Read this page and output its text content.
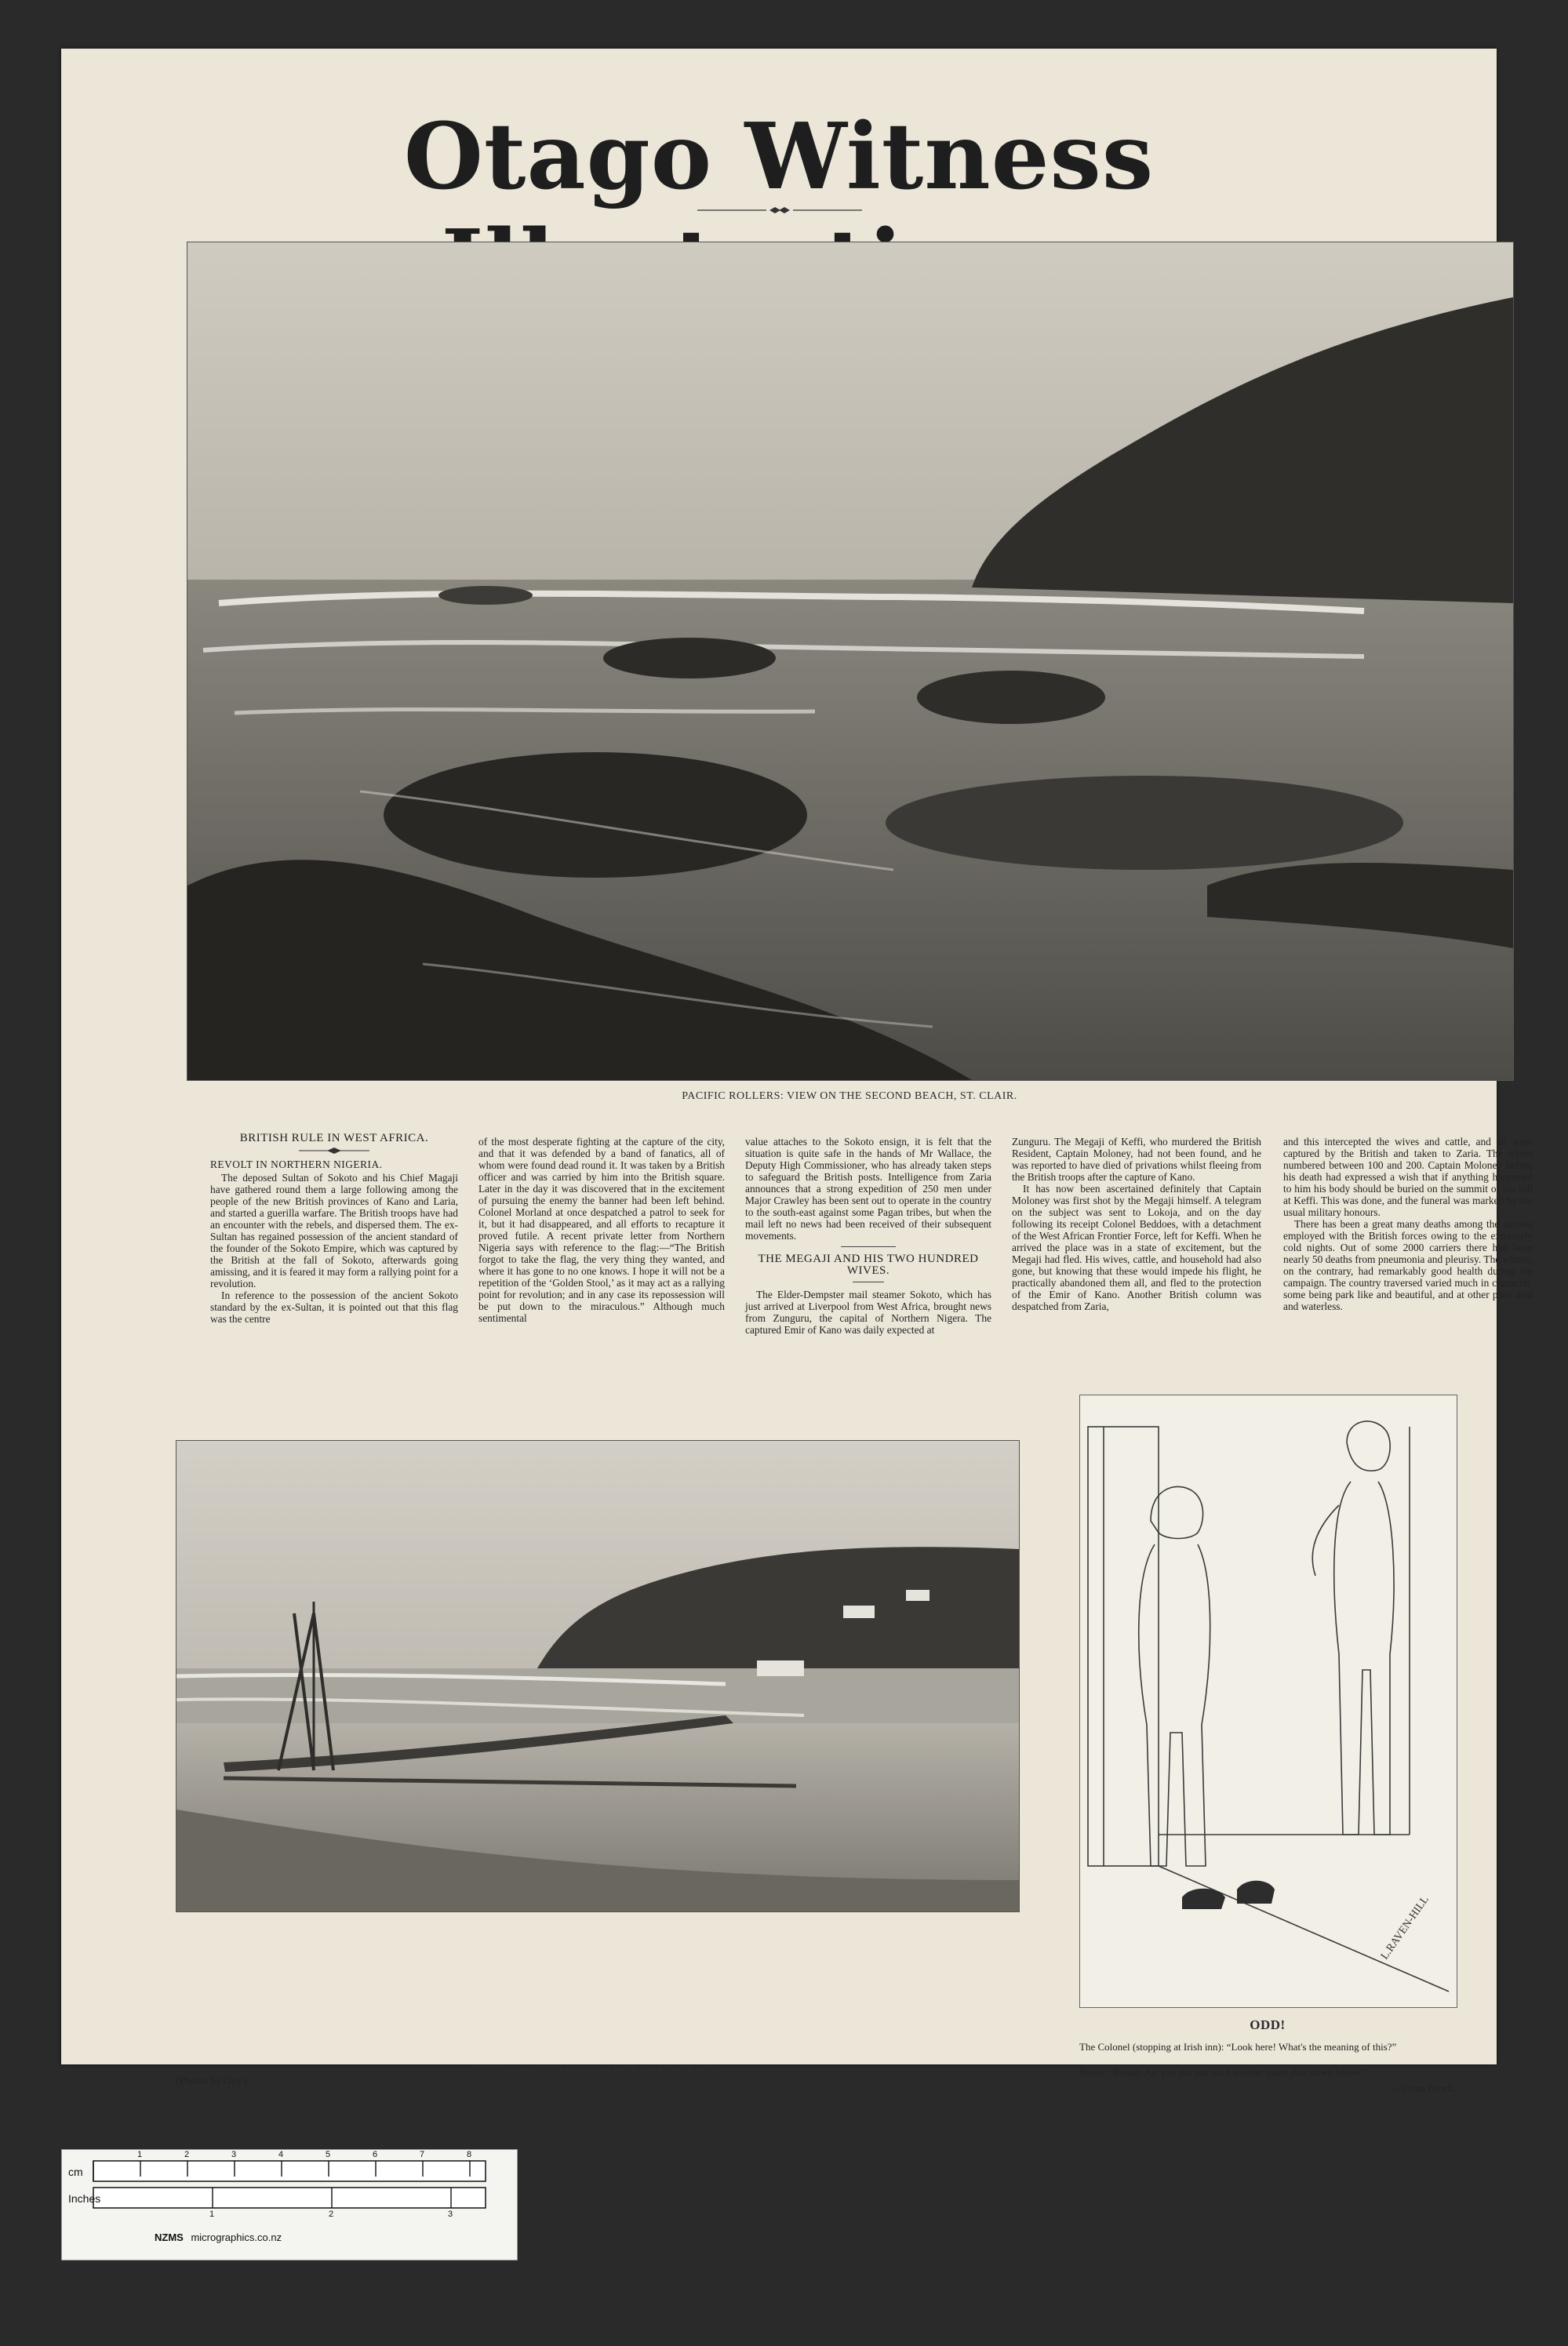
Otago Witness
PACIFIC ROLLERS: VIEW ON THE SECOND BEACH, ST. CLAIR.

BRITISH RULE IN WEST AFRICA.

REVOLT IN NORTHERN NIGERIA.

The deposed Sultan of Sokoto and his Chief Magaji have gathered round them a large following among the people of the new British provinces of Kano and Laria, and started a guerilla warfare. The British troops have had an encounter with the rebels, and dispersed them. The ex-Sultan has regained possession of the ancient standard of the founder of the Sokoto Empire, which was captured by the British at the fall of Sokoto, afterwards going amissing, and it is feared it may form a rallying point for a revolution.

In reference to the possession of the ancient Sokoto standard by the ex-Sultan, it is pointed out that this flag was the centre

of the most desperate fighting at the capture of the city, and that it was defended by a band of fanatics, all of whom were found dead round it. It was taken by a British officer and was carried by him into the British square. Later in the day it was discovered that in the excitement of pursuing the enemy the banner had been left behind. Colonel Morland at once despatched a patrol to seek for it, but it had disappeared, and all efforts to recapture it proved futile. A recent private letter from Northern Nigeria says with reference to the flag:—“The British forgot to take the flag, the very thing they wanted, and where it has gone to no one knows. I hope it will not be a repetition of the ‘Golden Stool,’ as it may act as a rallying point for revolution; and in any case its repossession will be put down to the miraculous.” Although much sentimental

value attaches to the Sokoto ensign, it is felt that the situation is quite safe in the hands of Mr Wallace, the Deputy High Commissioner, who has already taken steps to safeguard the British posts. Intelligence from Zaria announces that a strong expedition of 250 men under Major Crawley has been sent out to operate in the country to the south-east against some Pagan tribes, but when the mail left no news had been received of their subsequent movements.

THE MEGAJI AND HIS TWO HUNDRED WIVES.

The Elder-Dempster mail steamer Sokoto, which has just arrived at Liverpool from West Africa, brought news from Zunguru, the capital of Northern Nigera. The captured Emir of Kano was daily expected at

Zunguru. The Megaji of Keffi, who murdered the British Resident, Captain Moloney, had not been found, and he was reported to have died of privations whilst fleeing from the British troops after the capture of Kano.

It has now been ascertained definitely that Captain Moloney was first shot by the Megaji himself. A telegram on the subject was sent to Lokoja, and on the day following its receipt Colonel Beddoes, with a detachment of the West African Frontier Force, left for Keffi. When he arrived the place was in a state of excitement, but the Megaji had fled. His wives, cattle, and household had also gone, but knowing that these would impede his flight, he practically abandoned them all, and fled to the protection of the Emir of Kano. Another British column was despatched from Zaria,

and this intercepted the wives and cattle, and all were captured by the British and taken to Zaria. The wives numbered between 100 and 200. Captain Moloney before his death had expressed a wish that if anything happened to him his body should be buried on the summit of the hill at Keffi. This was done, and the funeral was marked by the usual military honours.

There has been a great many deaths among the natives employed with the British forces owing to the extremely cold nights. Out of some 2000 carriers there had been nearly 50 deaths from pneumonia and pleurisy. The whites, on the contrary, had remarkably good health during the campaign. The country traversed varied much in character, some being park like and beautiful, and at other parts arid and waterless.

(Photos by Guy.)
PUTTING IN THE GROIN AT ST. CLAIR BEACH.
The object of this groin is to cause the sand to make up, and so prevent the sea from further encroaching on the esplanade.
L.RAVEN-HILL
ODD!
The Colonel (stopping at Irish inn): “Look here! What's the meaning of this?”
Boots: “Bedad! An' I've got just such another quare Pair down below!”
—From Punch.
cm
Inches
1	2	3	4	5	6	7	8
1	2	3
NZMS micrographics.co.nz
